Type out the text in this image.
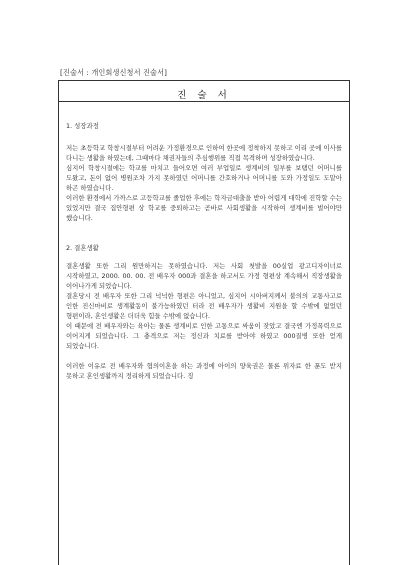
[진술서 : 개인회생신청서 진술서]
진 술 서

1. 성장과정

저는 초등학교 학창시절부터 어려운 가정환경으로 인하여 한곳에 정착하지 못하고 이리 곳에 이사를 다니는 생활을 하였는데, 그때마다 채권자들의 추심행위를 직접 목격하며 성장하였습니다.

심지어 학창시절에는 학교를 마치고 들어오면 여러 부업일로 생계비의 일부를 보탬던 어머니를 도왔고, 돈이 없어 병원조차 가지 못하였던 어머니를 간호하거나 어머니를 도와 가정일도 도맡아 하곤 하였습니다.

이러한 환경에서 가까스로 고등학교를 졸업한 후에는 학자금대출을 받아 어렵게 대학에 진학할 수는 있었지만 결국 집안형편 상 학교를 중퇴하고는 곧바로 사회생활을 시작하여 생계비를 벌어야만 했습니다.

2. 결혼생활

결혼생활 또한 그리 원만하지는 못하였습니다. 저는 사회 첫발을 00실업 광고디자이너로 시작하였고, 2000. 00. 00. 전 배우자 000과 결혼을 하고서도 가정 형편상 계속해서 직장생활을 이어나가게 되었습니다.

결혼당시 전 배우자 또한 그리 넉넉한 형편은 아니었고, 심지어 시아버지께서 불의의 교통사고로 인한 진신마비로 생계활동이 불가능하였던 터라 전 배우자가 생활비 지원을 할 수밖에 없었던 형편이라, 혼인생활은 더더욱 힘들 수밖에 없습니다.

이 때문에 전 배우자와는 육아는 물론 생계비로 인한 고통으로 싸움이 잦았고 결국엔 가정폭력으로 이어지게 되었습니다. 그 충격으로 저는 정신과 치료를 받아야 하였고 000질병 또한 얻게 되었습니다.

이러한 이유로 전 배우자와 협의이혼을 하는 과정에 아이의 양육권은 물론 위자료 한 푼도 받지 못하고 혼인생활까지 정리하게 되었습니다. 징
